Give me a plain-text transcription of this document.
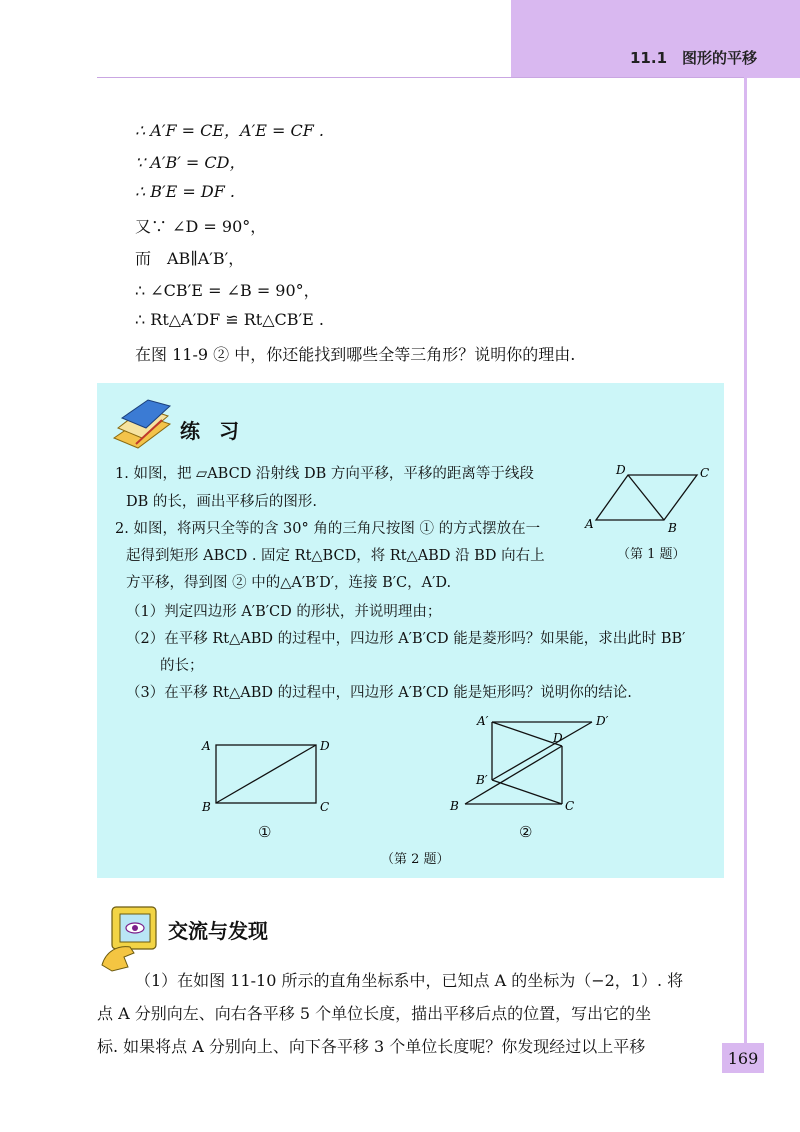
11.1　图形的平移
169
∴ A′F = CE，A′E = CF .
∵ A′B′ = CD，
∴ B′E = DF .
又∵ ∠D = 90°，
而　AB∥A′B′，
∴ ∠CB′E = ∠B = 90°，
∴ Rt△A′DF ≌ Rt△CB′E .
在图 11-9 ② 中，你还能找到哪些全等三角形？说明你的理由.
练 习
1. 如图，把 ▱ABCD 沿射线 DB 方向平移，平移的距离等于线段
DB 的长，画出平移后的图形.
2. 如图，将两只全等的含 30° 角的三角尺按图 ① 的方式摆放在一
起得到矩形 ABCD . 固定 Rt△BCD，将 Rt△ABD 沿 BD 向右上
方平移，得到图 ② 中的△A′B′D′，连接 B′C，A′D.
（1）判定四边形 A′B′CD 的形状，并说明理由；
（2）在平移 Rt△ABD 的过程中，四边形 A′B′CD 能是菱形吗？如果能，求出此时 BB′
的长；
（3）在平移 Rt△ABD 的过程中，四边形 A′B′CD 能是矩形吗？说明你的结论.
D	C
A	B
（第 1 题）
A	D
B	C
①
A′	D′
D
B′
B	C
②
（第 2 题）
交流与发现
（1）在如图 11-10 所示的直角坐标系中，已知点 A 的坐标为（−2，1）. 将
点 A 分别向左、向右各平移 5 个单位长度，描出平移后点的位置，写出它的坐
标. 如果将点 A 分别向上、向下各平移 3 个单位长度呢？你发现经过以上平移
